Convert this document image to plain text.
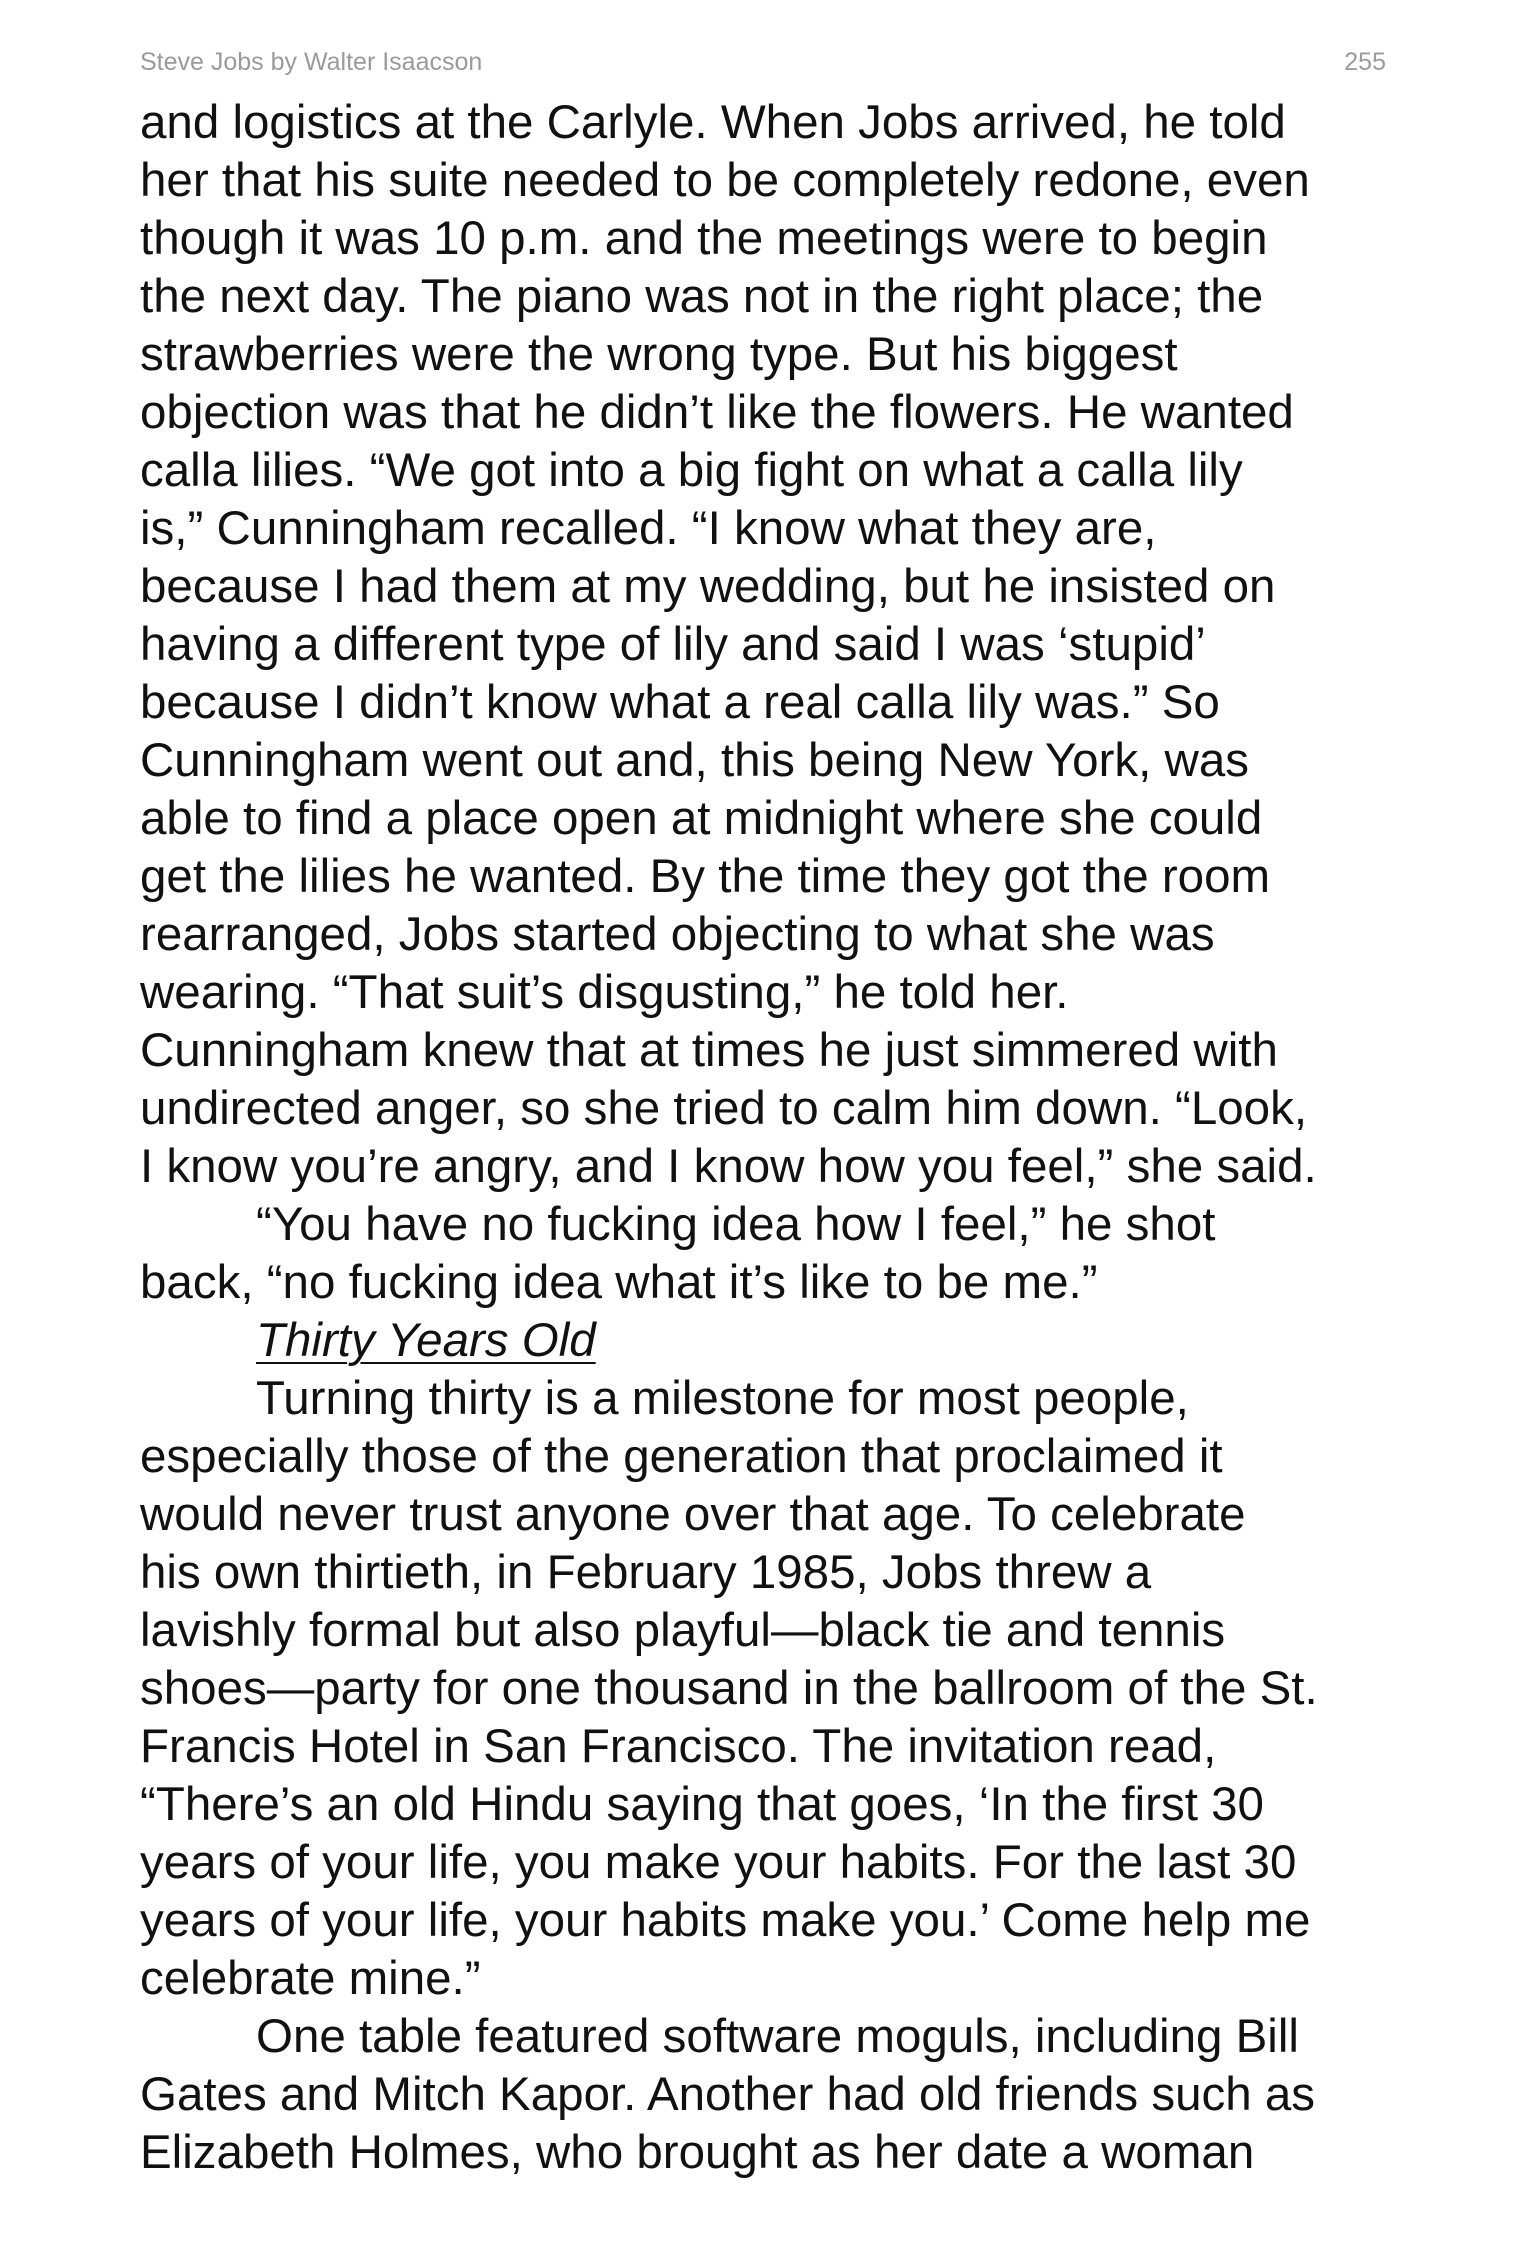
Steve Jobs by Walter Isaacson	255
and logistics at the Carlyle. When Jobs arrived, he told
her that his suite needed to be completely redone, even
though it was 10 p.m. and the meetings were to begin
the next day. The piano was not in the right place; the
strawberries were the wrong type. But his biggest
objection was that he didn’t like the flowers. He wanted
calla lilies. “We got into a big fight on what a calla lily
is,” Cunningham recalled. “I know what they are,
because I had them at my wedding, but he insisted on
having a different type of lily and said I was ‘stupid’
because I didn’t know what a real calla lily was.” So
Cunningham went out and, this being New York, was
able to find a place open at midnight where she could
get the lilies he wanted. By the time they got the room
rearranged, Jobs started objecting to what she was
wearing. “That suit’s disgusting,” he told her.
Cunningham knew that at times he just simmered with
undirected anger, so she tried to calm him down. “Look,
I know you’re angry, and I know how you feel,” she said.
“You have no fucking idea how I feel,” he shot
back, “no fucking idea what it’s like to be me.”
Thirty Years Old
Turning thirty is a milestone for most people,
especially those of the generation that proclaimed it
would never trust anyone over that age. To celebrate
his own thirtieth, in February 1985, Jobs threw a
lavishly formal but also playful—black tie and tennis
shoes—party for one thousand in the ballroom of the St.
Francis Hotel in San Francisco. The invitation read,
“There’s an old Hindu saying that goes, ‘In the first 30
years of your life, you make your habits. For the last 30
years of your life, your habits make you.’ Come help me
celebrate mine.”
One table featured software moguls, including Bill
Gates and Mitch Kapor. Another had old friends such as
Elizabeth Holmes, who brought as her date a woman
